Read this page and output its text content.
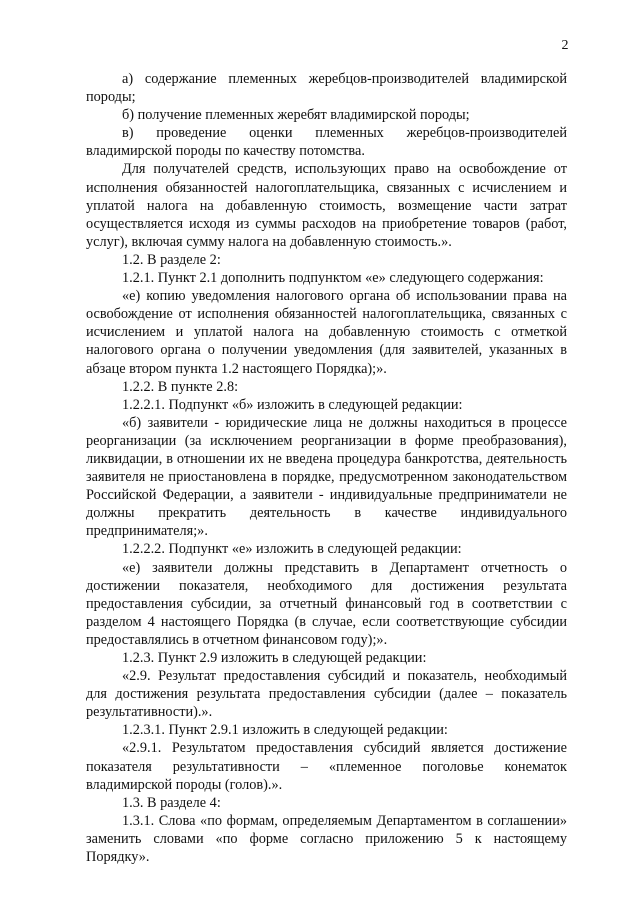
2

а) содержание племенных жеребцов-производителей владимирской породы;

б) получение племенных жеребят владимирской породы;

в) проведение оценки племенных жеребцов-производителей владимирской породы по качеству потомства.

Для получателей средств, использующих право на освобождение от исполнения обязанностей налогоплательщика, связанных с исчислением и уплатой налога на добавленную стоимость, возмещение части затрат осуществляется исходя из суммы расходов на приобретение товаров (работ, услуг), включая сумму налога на добавленную стоимость.».

1.2. В разделе 2:

1.2.1. Пункт 2.1 дополнить подпунктом «е» следующего содержания:

«е) копию уведомления налогового органа об использовании права на освобождение от исполнения обязанностей налогоплательщика, связанных с исчислением и уплатой налога на добавленную стоимость с отметкой налогового органа о получении уведомления (для заявителей, указанных в абзаце втором пункта 1.2 настоящего Порядка);».

1.2.2. В пункте 2.8:

1.2.2.1. Подпункт «б» изложить в следующей редакции:

«б) заявители - юридические лица не должны находиться в процессе реорганизации (за исключением реорганизации в форме преобразования), ликвидации, в отношении их не введена процедура банкротства, деятельность заявителя не приостановлена в порядке, предусмотренном законодательством Российской Федерации, а заявители - индивидуальные предприниматели не должны прекратить деятельность в качестве индивидуального предпринимателя;».

1.2.2.2. Подпункт «е» изложить в следующей редакции:

«е) заявители должны представить в Департамент отчетность о достижении показателя, необходимого для достижения результата предоставления субсидии, за отчетный финансовый год в соответствии с разделом 4 настоящего Порядка (в случае, если соответствующие субсидии предоставлялись в отчетном финансовом году);».

1.2.3. Пункт 2.9 изложить в следующей редакции:

«2.9. Результат предоставления субсидий и показатель, необходимый для достижения результата предоставления субсидии (далее – показатель результативности).».

1.2.3.1. Пункт 2.9.1 изложить в следующей редакции:

«2.9.1. Результатом предоставления субсидий является достижение показателя результативности – «племенное поголовье конематок владимирской породы (голов).».

1.3. В разделе 4:

1.3.1. Слова «по формам, определяемым Департаментом в соглашении» заменить словами «по форме согласно приложению 5 к настоящему Порядку».
